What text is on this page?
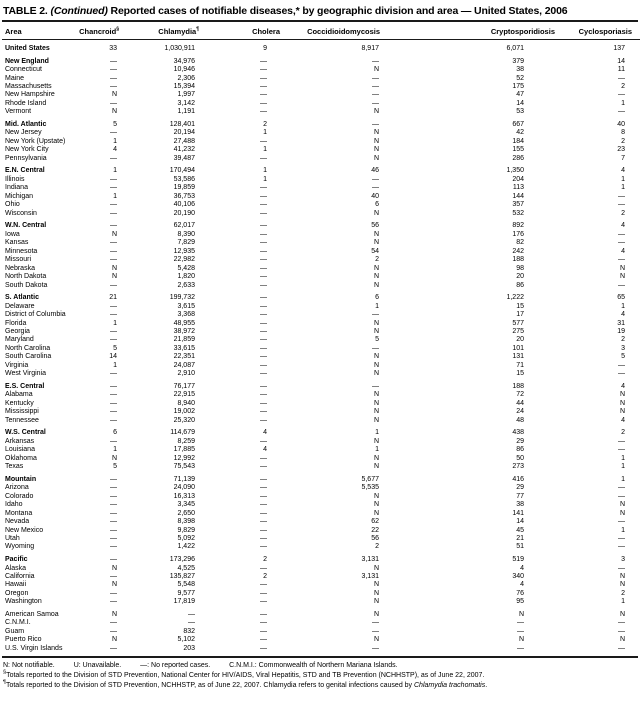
TABLE 2. (Continued) Reported cases of notifiable diseases,* by geographic division and area — United States, 2006
Area	Chancroid§	Chlamydia¶	Cholera	Coccidioidomycosis	Cryptosporidiosis	Cyclosporiasis
United States	33	1,030,911	9	8,917	6,071	137

New England	—	34,976	—	—	379	14
Connecticut	—	10,946	—	N	38	11
Maine	—	2,306	—	—	52	—
Massachusetts	—	15,394	—	—	175	2
New Hampshire	N	1,997	—	—	47	—
Rhode Island	—	3,142	—	—	14	1
Vermont	N	1,191	—	N	53	—

Mid. Atlantic	5	128,401	2	—	667	40
New Jersey	—	20,194	1	N	42	8
New York (Upstate)	1	27,488	—	N	184	2
New York City	4	41,232	1	N	155	23
Pennsylvania	—	39,487	—	N	286	7

E.N. Central	1	170,494	1	46	1,350	4
Illinois	—	53,586	1	—	204	1
Indiana	—	19,859	—	—	113	1
Michigan	1	36,753	—	40	144	—
Ohio	—	40,106	—	6	357	—
Wisconsin	—	20,190	—	N	532	2

W.N. Central	—	62,017	—	56	892	4
Iowa	N	8,390	—	N	176	—
Kansas	—	7,829	—	N	82	—
Minnesota	—	12,935	—	54	242	4
Missouri	—	22,982	—	2	188	—
Nebraska	N	5,428	—	N	98	N
North Dakota	N	1,820	—	N	20	N
South Dakota	—	2,633	—	N	86	—

S. Atlantic	21	199,732	—	6	1,222	65
Delaware	—	3,615	—	1	15	1
District of Columbia	—	3,368	—	—	17	4
Florida	1	48,955	—	N	577	31
Georgia	—	38,972	—	N	275	19
Maryland	—	21,859	—	5	20	2
North Carolina	5	33,615	—	—	101	3
South Carolina	14	22,351	—	N	131	5
Virginia	1	24,087	—	N	71	—
West Virginia	—	2,910	—	N	15	—

E.S. Central	—	76,177	—	—	188	4
Alabama	—	22,915	—	N	72	N
Kentucky	—	8,940	—	N	44	N
Mississippi	—	19,002	—	N	24	N
Tennessee	—	25,320	—	N	48	4

W.S. Central	6	114,679	4	1	438	2
Arkansas	—	8,259	—	N	29	—
Louisiana	1	17,885	4	1	86	—
Oklahoma	N	12,992	—	N	50	1
Texas	5	75,543	—	N	273	1

Mountain	—	71,139	—	5,677	416	1
Arizona	—	24,090	—	5,535	29	—
Colorado	—	16,313	—	N	77	—
Idaho	—	3,345	—	N	38	N
Montana	—	2,650	—	N	141	N
Nevada	—	8,398	—	62	14	—
New Mexico	—	9,829	—	22	45	1
Utah	—	5,092	—	56	21	—
Wyoming	—	1,422	—	2	51	—

Pacific	—	173,296	2	3,131	519	3
Alaska	N	4,525	—	N	4	—
California	—	135,827	2	3,131	340	N
Hawaii	N	5,548	—	N	4	N
Oregon	—	9,577	—	N	76	2
Washington	—	17,819	—	N	95	1

American Samoa	N	—	—	N	N	N
C.N.M.I.	—	—	—	—	—	—
Guam	—	832	—	—	—	—
Puerto Rico	N	5,102	—	N	N	N
U.S. Virgin Islands	—	203	—	—	—	—
N: Not notifiable.	U: Unavailable.	—: No reported cases.	C.N.M.I.: Commonwealth of Northern Mariana Islands.
§Totals reported to the Division of STD Prevention, National Center for HIV/AIDS, Viral Hepatitis, STD and TB Prevention (NCHHSTP), as of June 22, 2007.
¶Totals reported to the Division of STD Prevention, NCHHSTP, as of June 22, 2007. Chlamydia refers to genital infections caused by Chlamydia trachomatis.
